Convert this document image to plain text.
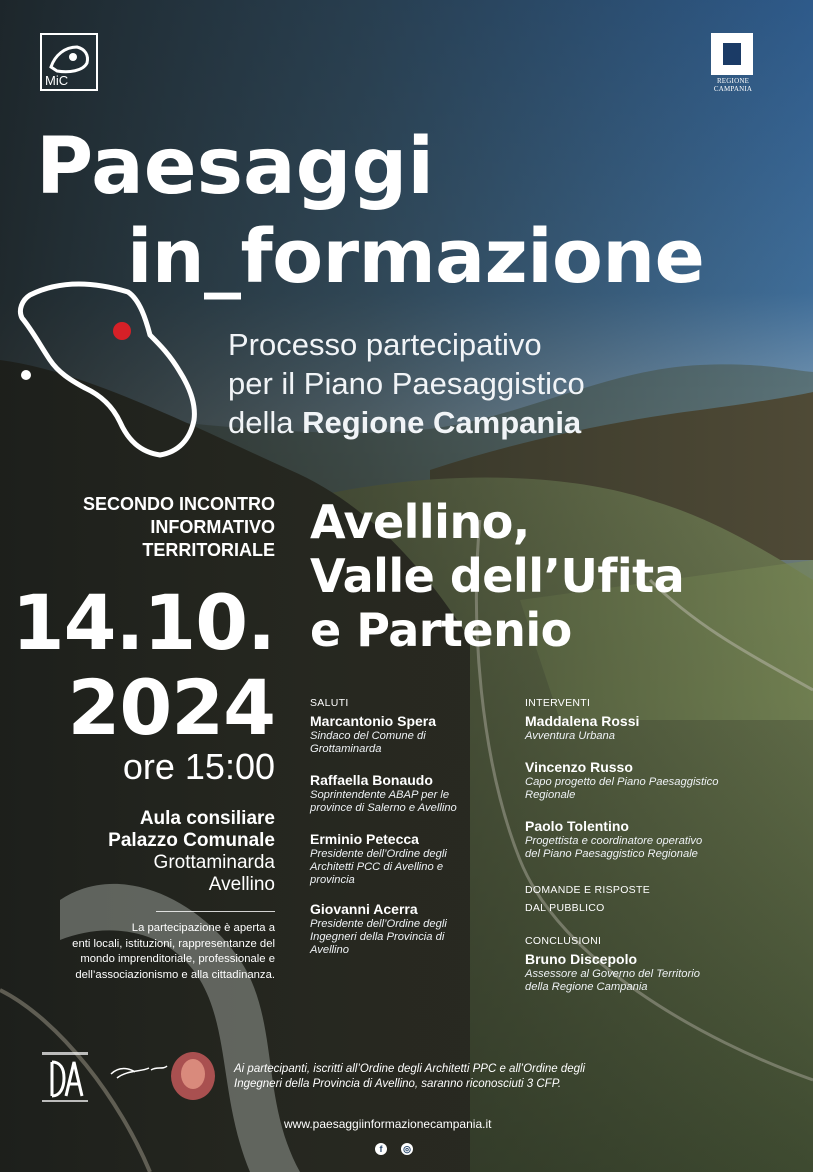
MiC	REGIONE CAMPANIA
Paesaggi
in_formazione
Processo partecipativo
per il Piano Paesaggistico
della Regione Campania
SECONDO INCONTRO
INFORMATIVO
TERRITORIALE
14.10.
2024
ore 15:00
Aula consiliare
Palazzo Comunale
Grottaminarda
Avellino
La partecipazione è aperta a
enti locali, istituzioni, rappresentanze del
mondo imprenditoriale, professionale e
dell’associazionismo e alla cittadinanza.
Avellino,
Valle dell’Ufita
e Partenio
SALUTI
Marcantonio Spera
Sindaco del Comune di
Grottaminarda
Raffaella Bonaudo
Soprintendente ABAP per le
province di Salerno e Avellino
Erminio Petecca
Presidente dell’Ordine degli
Architetti PCC di Avellino e
provincia
Giovanni Acerra
Presidente dell’Ordine degli
Ingegneri della Provincia di
Avellino
INTERVENTI
Maddalena Rossi
Avventura Urbana
Vincenzo Russo
Capo progetto del Piano Paesaggistico
Regionale
Paolo Tolentino
Progettista e coordinatore operativo
del Piano Paesaggistico Regionale
DOMANDE E RISPOSTE
DAL PUBBLICO
CONCLUSIONI
Bruno Discepolo
Assessore al Governo del Territorio
della Regione Campania
Ai partecipanti, iscritti all’Ordine degli Architetti PPC e all’Ordine degli
Ingegneri della Provincia di Avellino, saranno riconosciuti 3 CFP.
www.paesaggiinformazionecampania.it
f ◎
